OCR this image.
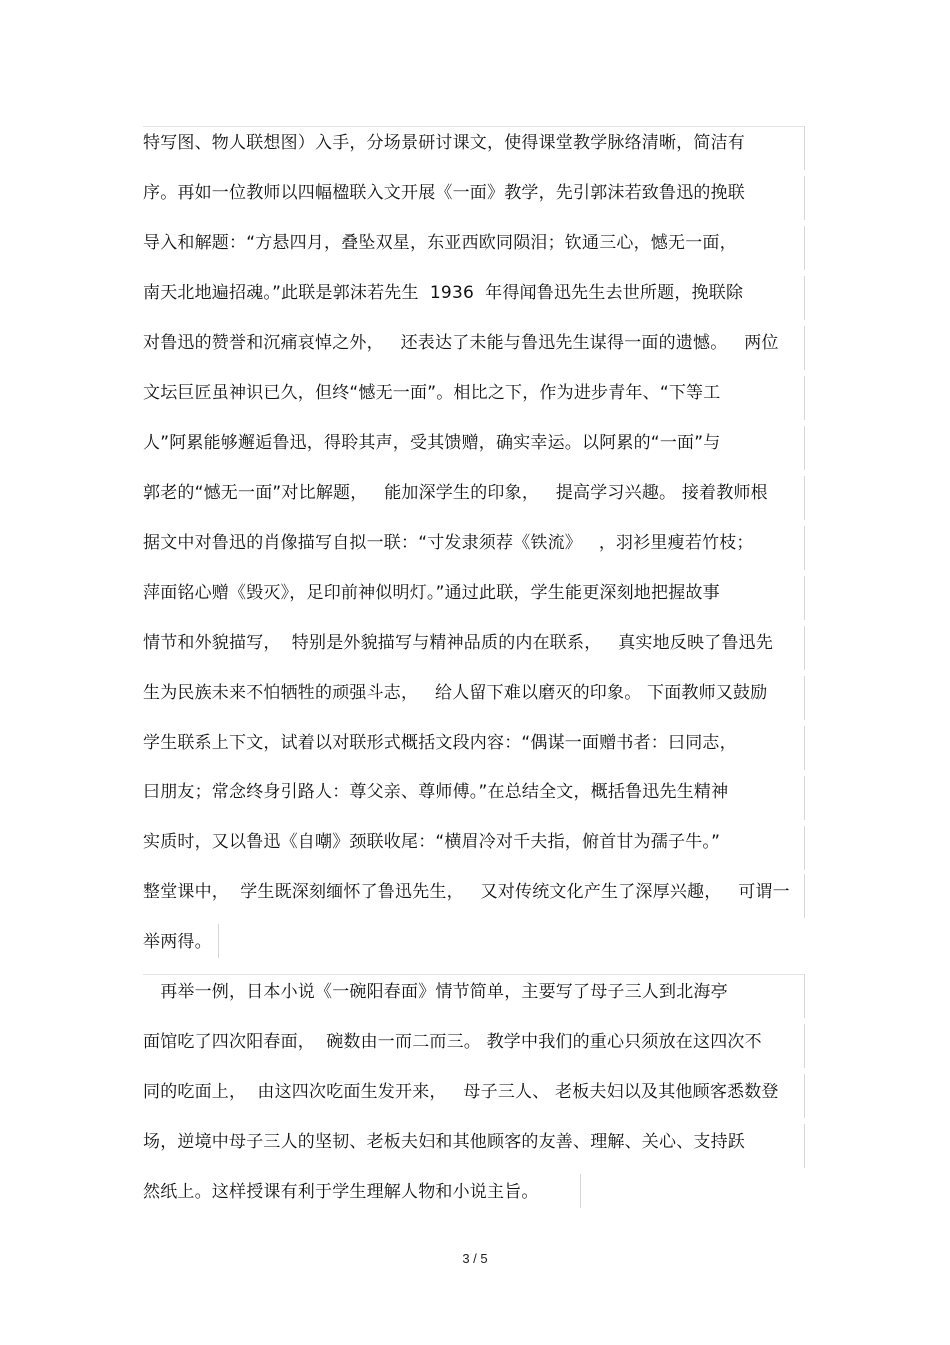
特写图、物人联想图）入手，分场景研讨课文，使得课堂教学脉络清晰，简洁有
序。再如一位教师以四幅楹联入文开展《一面》教学，先引郭沫若致鲁迅的挽联
导入和解题：“方悬四月，叠坠双星，东亚西欧同陨泪；钦通三心，憾无一面，
南天北地遍招魂。”此联是郭沫若先生  1936  年得闻鲁迅先生去世所题，挽联除
对鲁迅的赞誉和沉痛哀悼之外，   还表达了未能与鲁迅先生谋得一面的遗憾。   两位
文坛巨匠虽神识已久，但终“憾无一面”。相比之下，作为进步青年、“下等工
人”阿累能够邂逅鲁迅，得聆其声，受其馈赠，确实幸运。以阿累的“一面”与
郭老的“憾无一面”对比解题，   能加深学生的印象，   提高学习兴趣。 接着教师根
据文中对鲁迅的肖像描写自拟一联：“寸发隶须荐《铁流》   ，羽衫里瘦若竹枝；
萍面铭心赠《毁灭》，足印前神似明灯。”通过此联，学生能更深刻地把握故事
情节和外貌描写，  特别是外貌描写与精神品质的内在联系，   真实地反映了鲁迅先
生为民族未来不怕牺牲的顽强斗志，   给人留下难以磨灭的印象。 下面教师又鼓励
学生联系上下文，试着以对联形式概括文段内容：“偶谋一面赠书者：曰同志，
曰朋友；常念终身引路人：尊父亲、尊师傅。”在总结全文，概括鲁迅先生精神
实质时，又以鲁迅《自嘲》颈联收尾：“横眉冷对千夫指，俯首甘为孺子牛。”
整堂课中，  学生既深刻缅怀了鲁迅先生，   又对传统文化产生了深厚兴趣，   可谓一
举两得。
　再举一例，日本小说《一碗阳春面》情节简单，主要写了母子三人到北海亭
面馆吃了四次阳春面，  碗数由一而二而三。 教学中我们的重心只须放在这四次不
同的吃面上，  由这四次吃面生发开来，   母子三人、 老板夫妇以及其他顾客悉数登
场，逆境中母子三人的坚韧、老板夫妇和其他顾客的友善、理解、关心、支持跃
然纸上。这样授课有利于学生理解人物和小说主旨。
3 / 5
